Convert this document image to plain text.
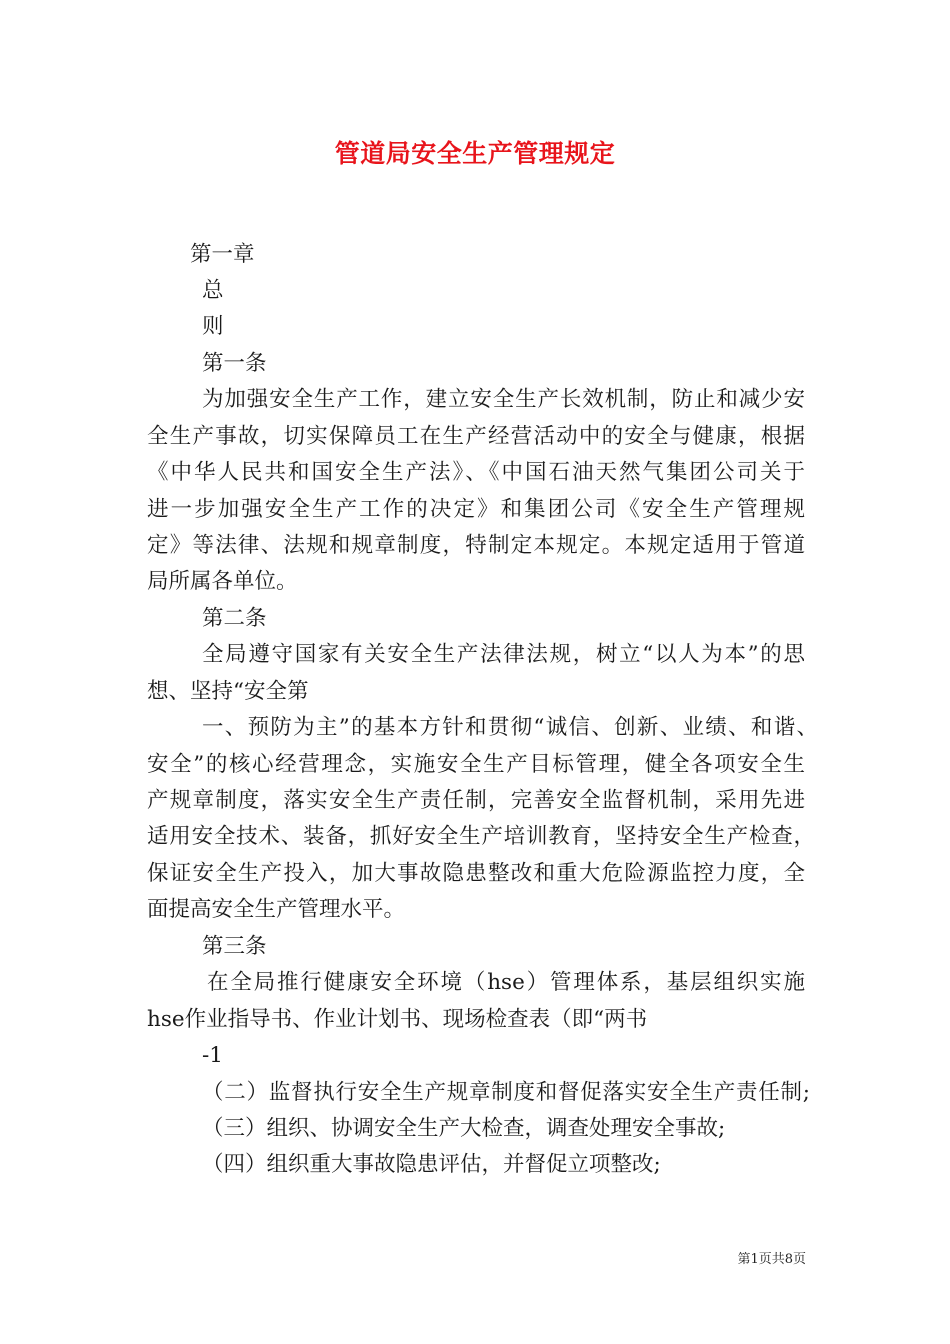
管道局安全生产管理规定
第一章
总
则
第一条
为加强安全生产工作，建立安全生产长效机制，防止和减少安
全生产事故，切实保障员工在生产经营活动中的安全与健康，根据
《中华人民共和国安全生产法》、《中国石油天然气集团公司关于
进一步加强安全生产工作的决定》和集团公司《安全生产管理规
定》等法律、法规和规章制度，特制定本规定。本规定适用于管道
局所属各单位。
第二条
全局遵守国家有关安全生产法律法规，树立“以人为本”的思
想、坚持“安全第
一、预防为主”的基本方针和贯彻“诚信、创新、业绩、和谐、
安全”的核心经营理念，实施安全生产目标管理，健全各项安全生
产规章制度，落实安全生产责任制，完善安全监督机制，采用先进
适用安全技术、装备，抓好安全生产培训教育，坚持安全生产检查，
保证安全生产投入，加大事故隐患整改和重大危险源监控力度，全
面提高安全生产管理水平。
第三条
在全局推行健康安全环境（hse）管理体系，基层组织实施
hse作业指导书、作业计划书、现场检查表（即“两书
-1
（二）监督执行安全生产规章制度和督促落实安全生产责任制;
（三）组织、协调安全生产大检查，调查处理安全事故;
（四）组织重大事故隐患评估，并督促立项整改;
第1页共8页
